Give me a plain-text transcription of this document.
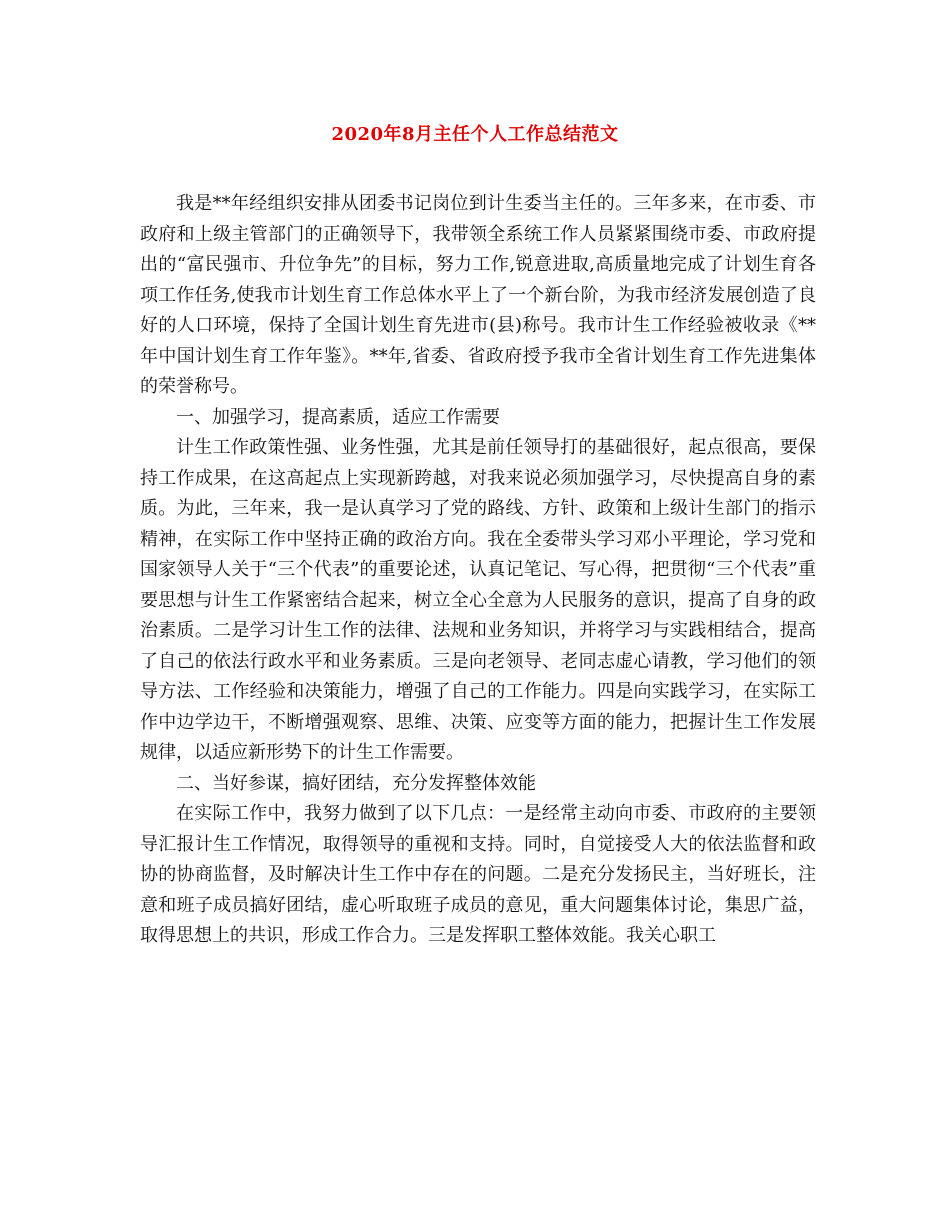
2020年8月主任个人工作总结范文

我是**年经组织安排从团委书记岗位到计生委当主任的。三年多来，在市委、市政府和上级主管部门的正确领导下，我带领全系统工作人员紧紧围绕市委、市政府提出的“富民强市、升位争先”的目标，努力工作,锐意进取,高质量地完成了计划生育各项工作任务,使我市计划生育工作总体水平上了一个新台阶，为我市经济发展创造了良好的人口环境，保持了全国计划生育先进市(县)称号。我市计生工作经验被收录《**年中国计划生育工作年鉴》。**年,省委、省政府授予我市全省计划生育工作先进集体的荣誉称号。

一、加强学习，提高素质，适应工作需要

计生工作政策性强、业务性强，尤其是前任领导打的基础很好，起点很高，要保持工作成果，在这高起点上实现新跨越，对我来说必须加强学习，尽快提高自身的素质。为此，三年来，我一是认真学习了党的路线、方针、政策和上级计生部门的指示精神，在实际工作中坚持正确的政治方向。我在全委带头学习邓小平理论，学习党和国家领导人关于“三个代表”的重要论述，认真记笔记、写心得，把贯彻“三个代表”重要思想与计生工作紧密结合起来，树立全心全意为人民服务的意识，提高了自身的政治素质。二是学习计生工作的法律、法规和业务知识，并将学习与实践相结合，提高了自己的依法行政水平和业务素质。三是向老领导、老同志虚心请教，学习他们的领导方法、工作经验和决策能力，增强了自己的工作能力。四是向实践学习，在实际工作中边学边干，不断增强观察、思维、决策、应变等方面的能力，把握计生工作发展规律，以适应新形势下的计生工作需要。

二、当好参谋，搞好团结，充分发挥整体效能

在实际工作中，我努力做到了以下几点：一是经常主动向市委、市政府的主要领导汇报计生工作情况，取得领导的重视和支持。同时，自觉接受人大的依法监督和政协的协商监督，及时解决计生工作中存在的问题。二是充分发扬民主，当好班长，注意和班子成员搞好团结，虚心听取班子成员的意见，重大问题集体讨论，集思广益，取得思想上的共识，形成工作合力。三是发挥职工整体效能。我关心职工
